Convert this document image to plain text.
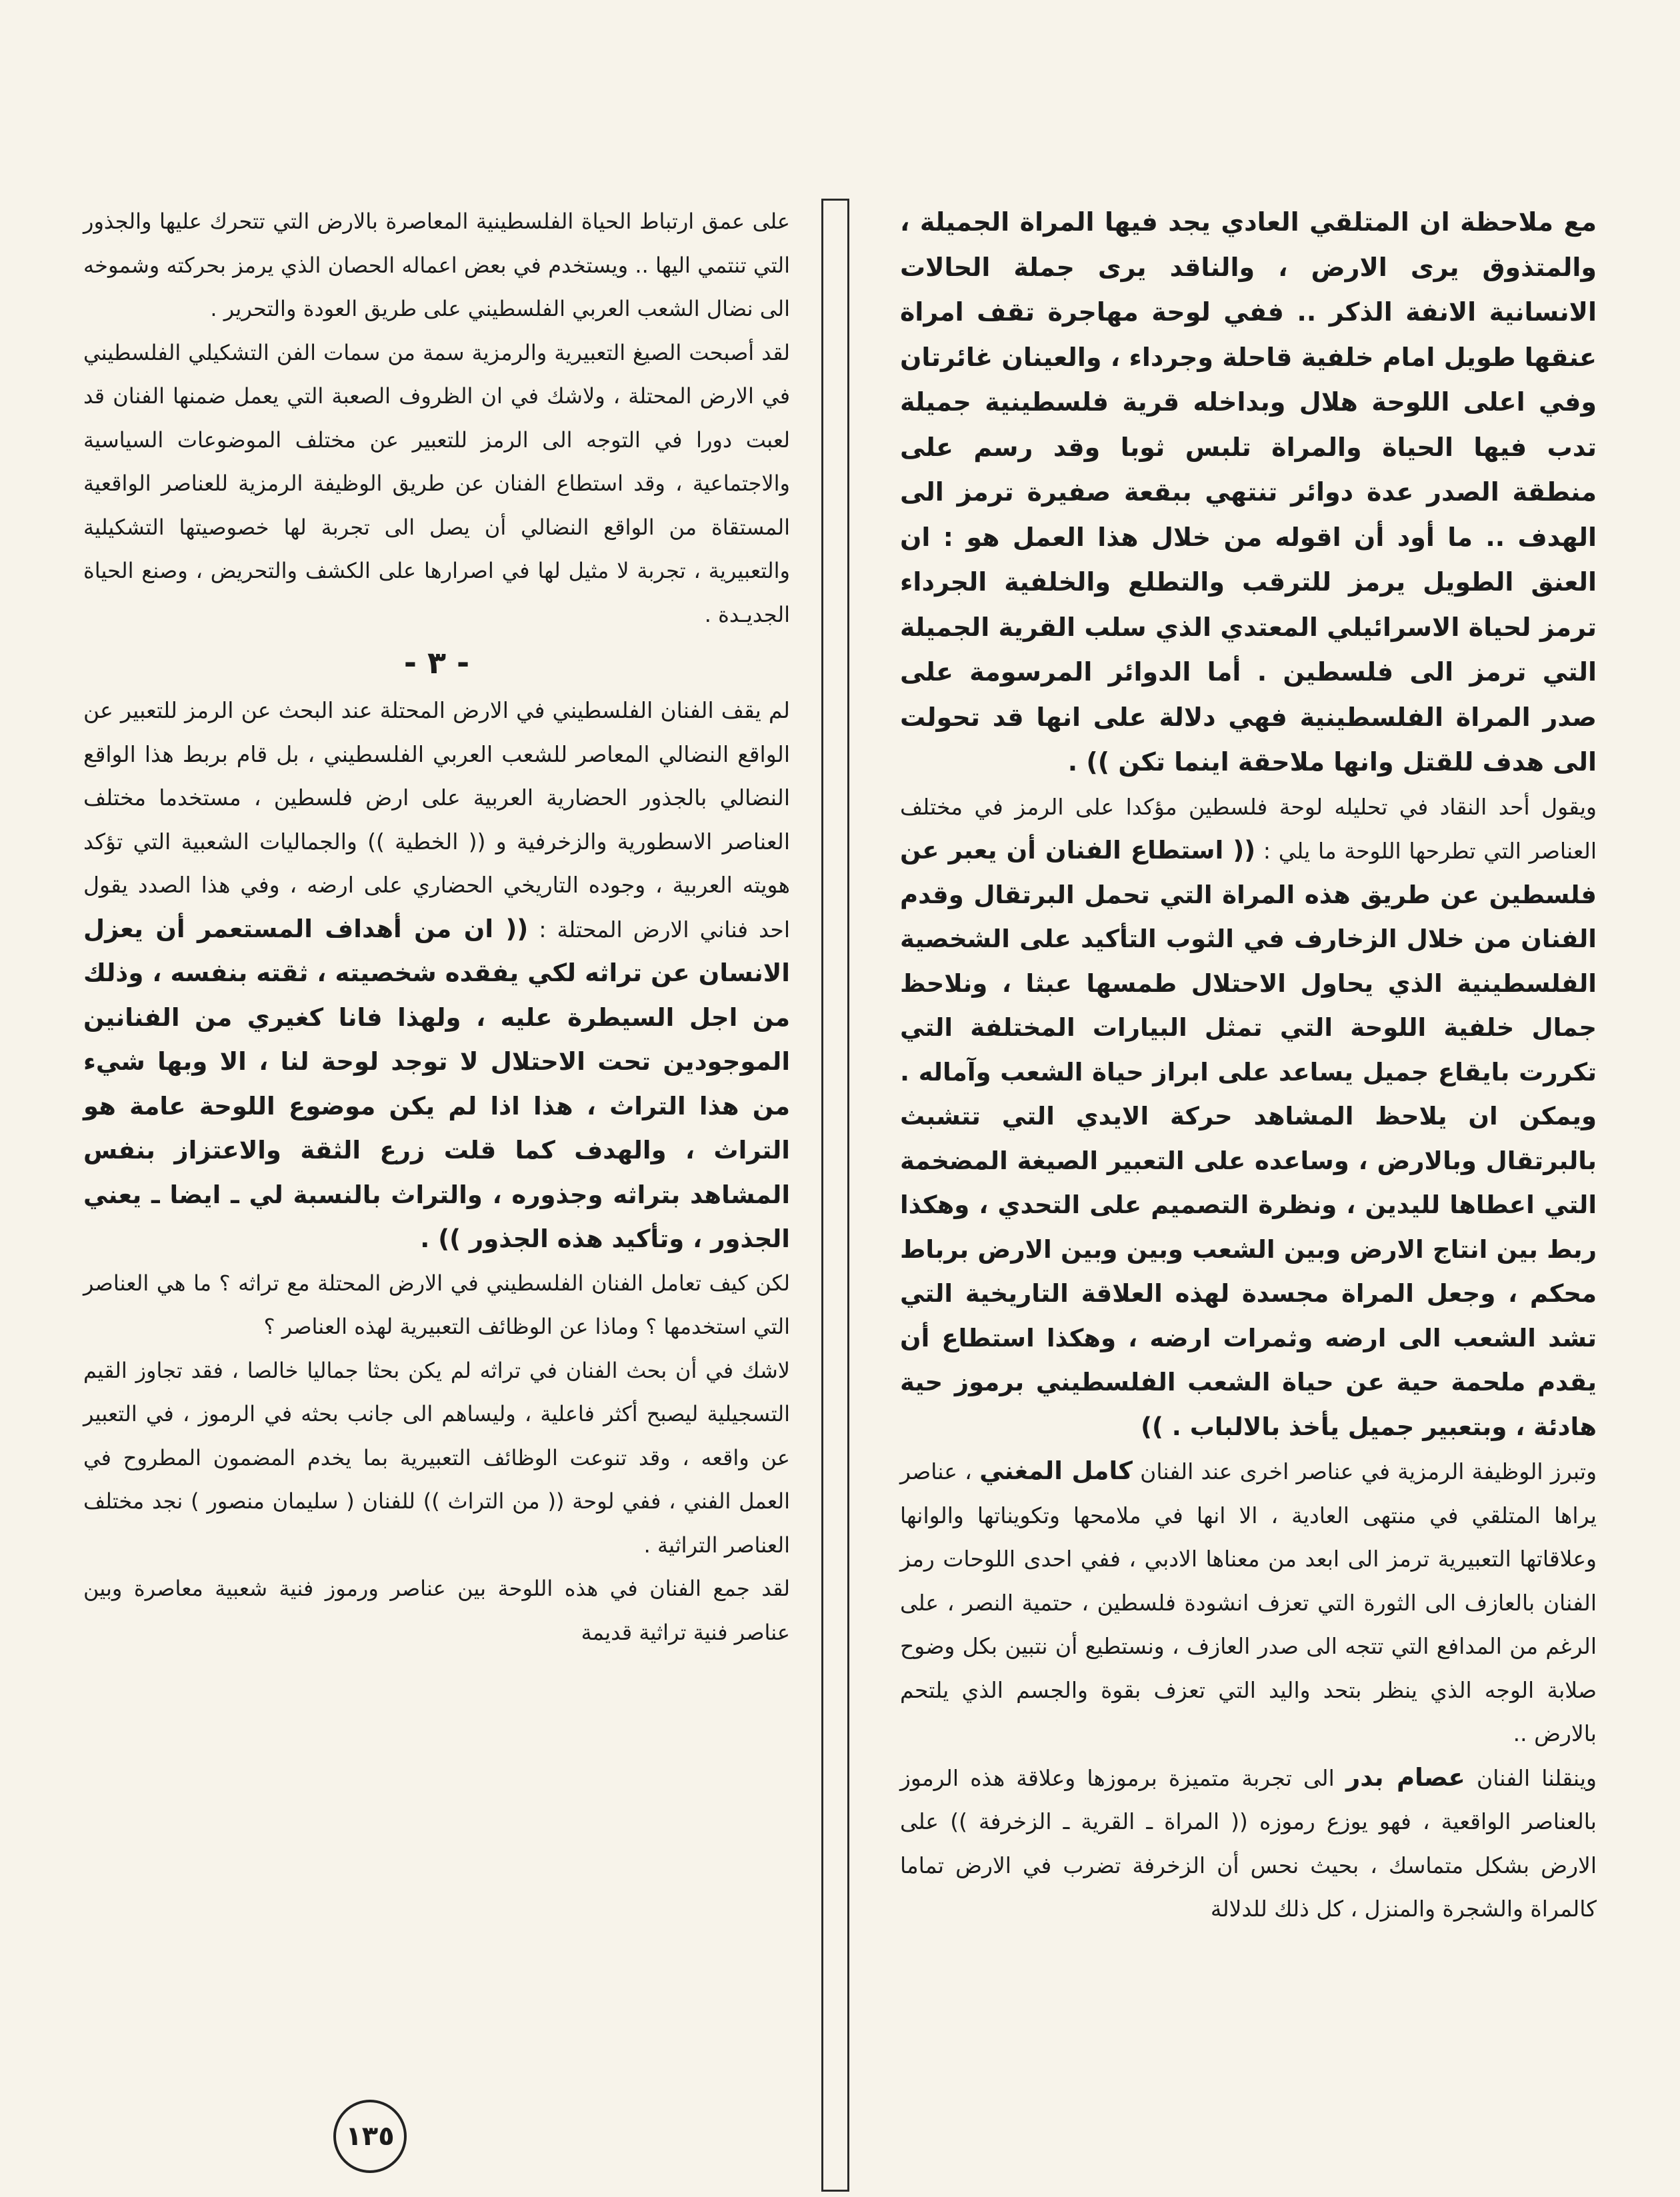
مع ملاحظة ان المتلقي العادي يجد فيها المراة الجميلة ، والمتذوق يرى الارض ، والناقد يرى جملة الحالات الانسانية الانفة الذكر .. ففي لوحة مهاجرة تقف امراة عنقها طويل امام خلفية قاحلة وجرداء ، والعينان غائرتان وفي اعلى اللوحة هلال وبداخله قرية فلسطينية جميلة تدب فيها الحياة والمراة تلبس ثوبا وقد رسم على منطقة الصدر عدة دوائر تنتهي ببقعة صفيرة ترمز الى الهدف .. ما أود أن اقوله من خلال هذا العمل هو : ان العنق الطويل يرمز للترقب والتطلع والخلفية الجرداء ترمز لحياة الاسرائيلي المعتدي الذي سلب القرية الجميلة التي ترمز الى فلسطين . أما الدوائر المرسومة على صدر المراة الفلسطينية فهي دلالة على انها قد تحولت الى هدف للقتل وانها ملاحقة اينما تكن )) .

ويقول أحد النقاد في تحليله لوحة فلسطين مؤكدا على الرمز في مختلف العناصر التي تطرحها اللوحة ما يلي : (( استطاع الفنان أن يعبر عن فلسطين عن طريق هذه المراة التي تحمل البرتقال وقدم الفنان من خلال الزخارف في الثوب التأكيد على الشخصية الفلسطينية الذي يحاول الاحتلال طمسها عبثا ، ونلاحظ جمال خلفية اللوحة التي تمثل البيارات المختلفة التي تكررت بايقاع جميل يساعد على ابراز حياة الشعب وآماله . ويمكن ان يلاحظ المشاهد حركة الايدي التي تتشبث بالبرتقال وبالارض ، وساعده على التعبير الصيغة المضخمة التي اعطاها لليدين ، ونظرة التصميم على التحدي ، وهكذا ربط بين انتاج الارض وبين الشعب وبين وبين الارض برباط محكم ، وجعل المراة مجسدة لهذه العلاقة التاريخية التي تشد الشعب الى ارضه وثمرات ارضه ، وهكذا استطاع أن يقدم ملحمة حية عن حياة الشعب الفلسطيني برموز حية هادئة ، وبتعبير جميل يأخذ بالالباب . ))

وتبرز الوظيفة الرمزية في عناصر اخرى عند الفنان كامل المغني ، عناصر يراها المتلقي في منتهى العادية ، الا انها في ملامحها وتكويناتها والوانها وعلاقاتها التعبيرية ترمز الى ابعد من معناها الادبي ، ففي احدى اللوحات رمز الفنان بالعازف الى الثورة التي تعزف انشودة فلسطين ، حتمية النصر ، على الرغم من المدافع التي تتجه الى صدر العازف ، ونستطيع أن نتبين بكل وضوح صلابة الوجه الذي ينظر بتحد واليد التي تعزف بقوة والجسم الذي يلتحم بالارض ..

وينقلنا الفنان عصام بدر الى تجربة متميزة برموزها وعلاقة هذه الرموز بالعناصر الواقعية ، فهو يوزع رموزه (( المراة ـ القرية ـ الزخرفة )) على الارض بشكل متماسك ، بحيث نحس أن الزخرفة تضرب في الارض تماما كالمراة والشجرة والمنزل ، كل ذلك للدلالة

على عمق ارتباط الحياة الفلسطينية المعاصرة بالارض التي تتحرك عليها والجذور التي تنتمي اليها .. ويستخدم في بعض اعماله الحصان الذي يرمز بحركته وشموخه الى نضال الشعب العربي الفلسطيني على طريق العودة والتحرير .

لقد أصبحت الصيغ التعبيرية والرمزية سمة من سمات الفن التشكيلي الفلسطيني في الارض المحتلة ، ولاشك في ان الظروف الصعبة التي يعمل ضمنها الفنان قد لعبت دورا في التوجه الى الرمز للتعبير عن مختلف الموضوعات السياسية والاجتماعية ، وقد استطاع الفنان عن طريق الوظيفة الرمزية للعناصر الواقعية المستقاة من الواقع النضالي أن يصل الى تجربة لها خصوصيتها التشكيلية والتعبيرية ، تجربة لا مثيل لها في اصرارها على الكشف والتحريض ، وصنع الحياة الجديـدة .

- ٣ -

لم يقف الفنان الفلسطيني في الارض المحتلة عند البحث عن الرمز للتعبير عن الواقع النضالي المعاصر للشعب العربي الفلسطيني ، بل قام بربط هذا الواقع النضالي بالجذور الحضارية العربية على ارض فلسطين ، مستخدما مختلف العناصر الاسطورية والزخرفية و (( الخطية )) والجماليات الشعبية التي تؤكد هويته العربية ، وجوده التاريخي الحضاري على ارضه ، وفي هذا الصدد يقول احد فناني الارض المحتلة : (( ان من أهداف المستعمر أن يعزل الانسان عن تراثه لكي يفقده شخصيته ، ثقته بنفسه ، وذلك من اجل السيطرة عليه ، ولهذا فانا كغيري من الفنانين الموجودين تحت الاحتلال لا توجد لوحة لنا ، الا وبها شيء من هذا التراث ، هذا اذا لم يكن موضوع اللوحة عامة هو التراث ، والهدف كما قلت زرع الثقة والاعتزاز بنفس المشاهد بتراثه وجذوره ، والتراث بالنسبة لي ـ ايضا ـ يعني الجذور ، وتأكيد هذه الجذور )) .

لكن كيف تعامل الفنان الفلسطيني في الارض المحتلة مع تراثه ؟ ما هي العناصر التي استخدمها ؟ وماذا عن الوظائف التعبيرية لهذه العناصر ؟

لاشك في أن بحث الفنان في تراثه لم يكن بحثا جماليا خالصا ، فقد تجاوز القيم التسجيلية ليصبح أكثر فاعلية ، وليساهم الى جانب بحثه في الرموز ، في التعبير عن واقعه ، وقد تنوعت الوظائف التعبيرية بما يخدم المضمون المطروح في العمل الفني ، ففي لوحة (( من التراث )) للفنان ( سليمان منصور ) نجد مختلف العناصر التراثية .

لقد جمع الفنان في هذه اللوحة بين عناصر ورموز فنية شعبية معاصرة وبين عناصر فنية تراثية قديمة

١٣٥
